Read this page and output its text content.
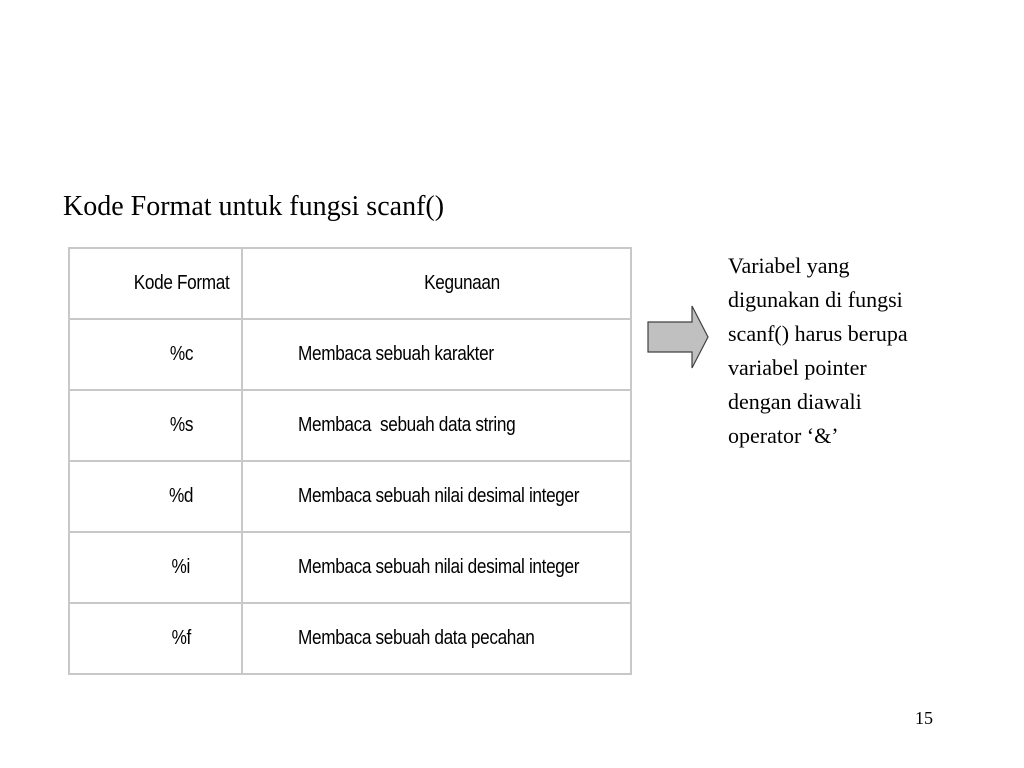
Kode Format untuk fungsi scanf()

Kode Format	Kegunaan

%c	Membaca sebuah karakter

%s	Membaca  sebuah data string

%d	Membaca sebuah nilai desimal integer

%i	Membaca sebuah nilai desimal integer

%f	Membaca sebuah data pecahan

Variabel yang
digunakan di fungsi
scanf() harus berupa
variabel pointer
dengan diawali
operator ‘&’
15
